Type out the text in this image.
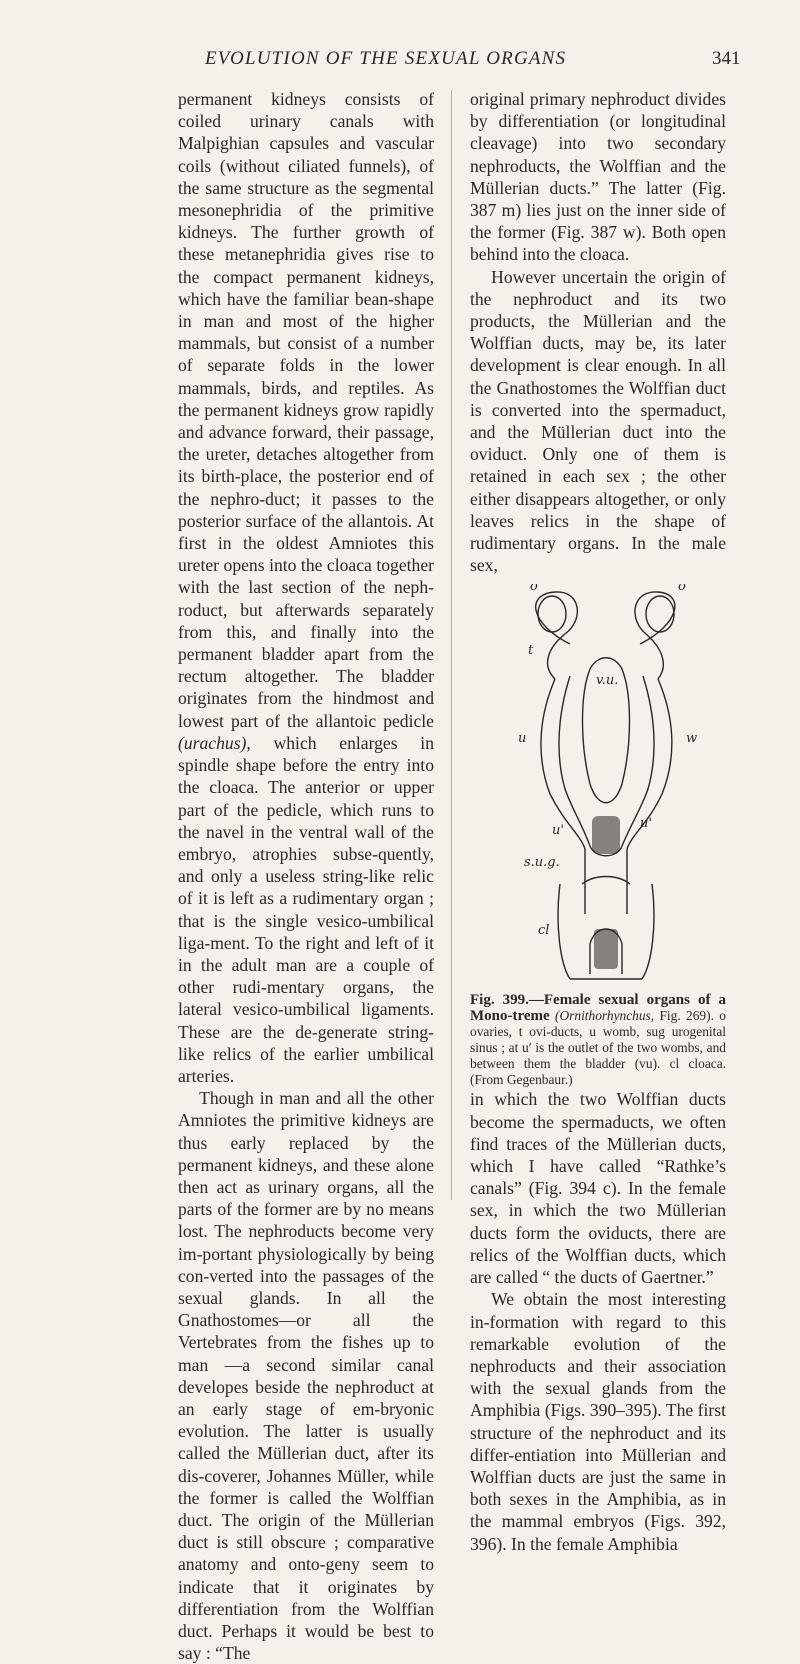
EVOLUTION OF THE SEXUAL ORGANS	341

permanent kidneys consists of coiled urinary canals with Malpighian capsules and vascular coils (without ciliated funnels), of the same structure as the segmental mesonephridia of the primitive kidneys. The further growth of these metanephridia gives rise to the compact permanent kidneys, which have the familiar bean-shape in man and most of the higher mammals, but consist of a number of separate folds in the lower mammals, birds, and reptiles. As the permanent kidneys grow rapidly and advance forward, their passage, the ureter, detaches altogether from its birth-place, the posterior end of the nephro-duct; it passes to the posterior surface of the allantois. At first in the oldest Amniotes this ureter opens into the cloaca together with the last section of the neph-roduct, but afterwards separately from this, and finally into the permanent bladder apart from the rectum altogether. The bladder originates from the hindmost and lowest part of the allantoic pedicle (urachus), which enlarges in spindle shape before the entry into the cloaca. The anterior or upper part of the pedicle, which runs to the navel in the ventral wall of the embryo, atrophies subse-quently, and only a useless string-like relic of it is left as a rudimentary organ ; that is the single vesico-umbilical liga-ment. To the right and left of it in the adult man are a couple of other rudi-mentary organs, the lateral vesico-umbilical ligaments. These are the de-generate string-like relics of the earlier umbilical arteries.

Though in man and all the other Amniotes the primitive kidneys are thus early replaced by the permanent kidneys, and these alone then act as urinary organs, all the parts of the former are by no means lost. The nephroducts become very im-portant physiologically by being con-verted into the passages of the sexual glands. In all the Gnathostomes—or all the Vertebrates from the fishes up to man —a second similar canal developes beside the nephroduct at an early stage of em-bryonic evolution. The latter is usually called the Müllerian duct, after its dis-coverer, Johannes Müller, while the former is called the Wolffian duct. The origin of the Müllerian duct is still obscure ; comparative anatomy and onto-geny seem to indicate that it originates by differentiation from the Wolffian duct. Perhaps it would be best to say : “The

original primary nephroduct divides by differentiation (or longitudinal cleavage) into two secondary nephroducts, the Wolffian and the Müllerian ducts.” The latter (Fig. 387 m) lies just on the inner side of the former (Fig. 387 w). Both open behind into the cloaca.

However uncertain the origin of the nephroduct and its two products, the Müllerian and the Wolffian ducts, may be, its later development is clear enough. In all the Gnathostomes the Wolffian duct is converted into the spermaduct, and the Müllerian duct into the oviduct. Only one of them is retained in each sex ; the other either disappears altogether, or only leaves relics in the shape of rudimentary organs. In the male sex,

o	o
t
v.u.
u	w
u'	u'
s.u.g.
cl

Fig. 399.—Female sexual organs of a Mono-treme (Ornithorhynchus, Fig. 269). o ovaries, t ovi-ducts, u womb, sug urogenital sinus ; at u′ is the outlet of the two wombs, and between them the bladder (vu). cl cloaca. (From Gegenbaur.)

in which the two Wolffian ducts become the spermaducts, we often find traces of the Müllerian ducts, which I have called “Rathke’s canals” (Fig. 394 c). In the female sex, in which the two Müllerian ducts form the oviducts, there are relics of the Wolffian ducts, which are called “ the ducts of Gaertner.”

We obtain the most interesting in-formation with regard to this remarkable evolution of the nephroducts and their association with the sexual glands from the Amphibia (Figs. 390–395). The first structure of the nephroduct and its differ-entiation into Müllerian and Wolffian ducts are just the same in both sexes in the Amphibia, as in the mammal embryos (Figs. 392, 396). In the female Amphibia
